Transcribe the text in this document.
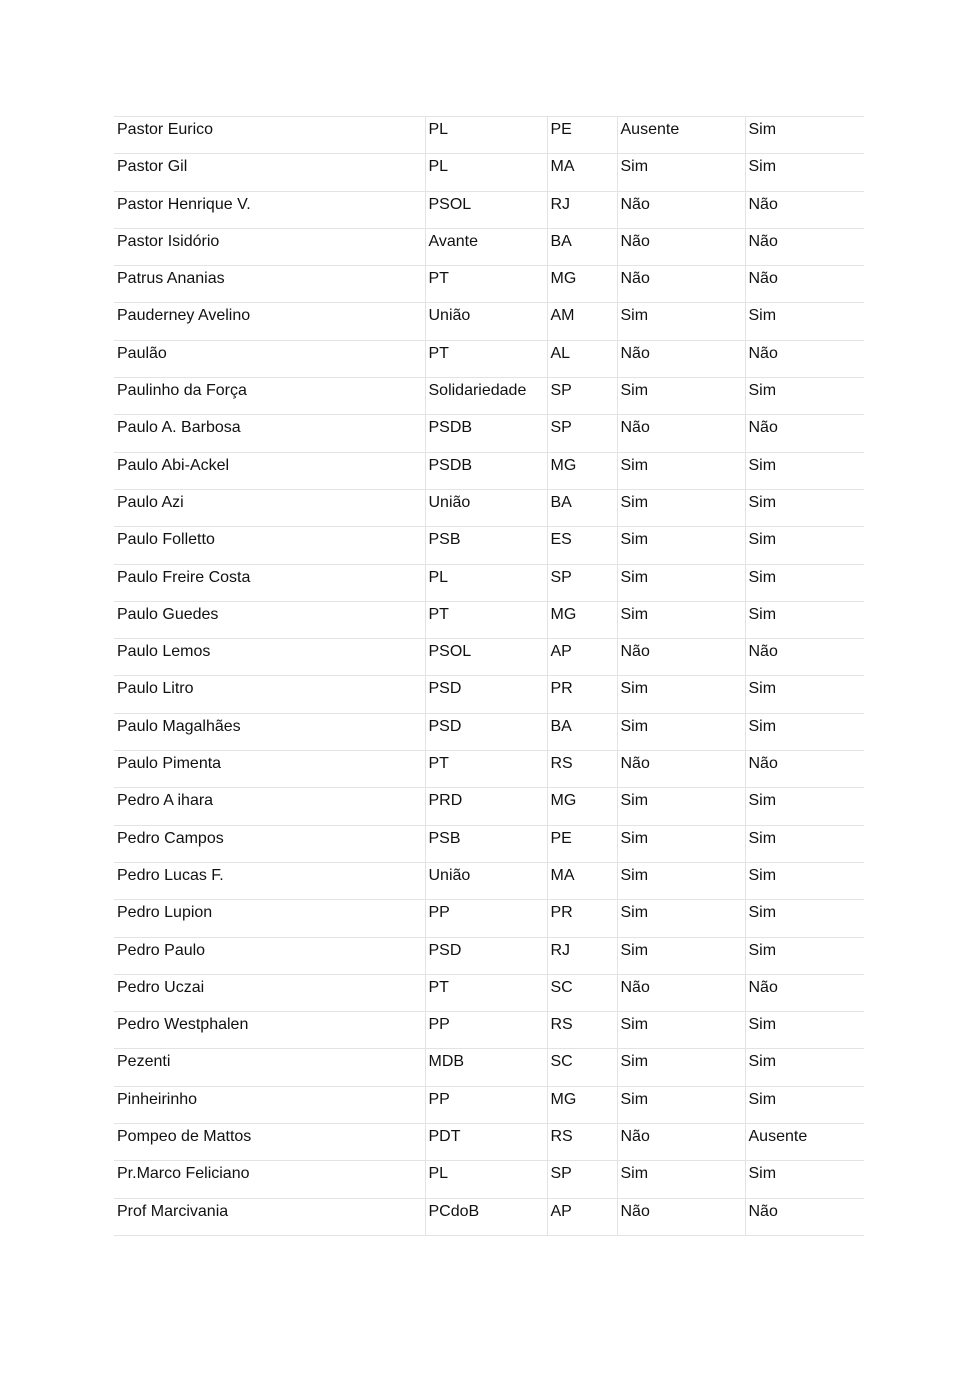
Pastor Eurico	PL	PE	Ausente	Sim
Pastor Gil	PL	MA	Sim	Sim
Pastor Henrique V.	PSOL	RJ	Não	Não
Pastor Isidório	Avante	BA	Não	Não
Patrus Ananias	PT	MG	Não	Não
Pauderney Avelino	União	AM	Sim	Sim
Paulão	PT	AL	Não	Não
Paulinho da Força	Solidariedade	SP	Sim	Sim
Paulo A. Barbosa	PSDB	SP	Não	Não
Paulo Abi-Ackel	PSDB	MG	Sim	Sim
Paulo Azi	União	BA	Sim	Sim
Paulo Folletto	PSB	ES	Sim	Sim
Paulo Freire Costa	PL	SP	Sim	Sim
Paulo Guedes	PT	MG	Sim	Sim
Paulo Lemos	PSOL	AP	Não	Não
Paulo Litro	PSD	PR	Sim	Sim
Paulo Magalhães	PSD	BA	Sim	Sim
Paulo Pimenta	PT	RS	Não	Não
Pedro A ihara	PRD	MG	Sim	Sim
Pedro Campos	PSB	PE	Sim	Sim
Pedro Lucas F.	União	MA	Sim	Sim
Pedro Lupion	PP	PR	Sim	Sim
Pedro Paulo	PSD	RJ	Sim	Sim
Pedro Uczai	PT	SC	Não	Não
Pedro Westphalen	PP	RS	Sim	Sim
Pezenti	MDB	SC	Sim	Sim
Pinheirinho	PP	MG	Sim	Sim
Pompeo de Mattos	PDT	RS	Não	Ausente
Pr.Marco Feliciano	PL	SP	Sim	Sim
Prof Marcivania	PCdoB	AP	Não	Não
